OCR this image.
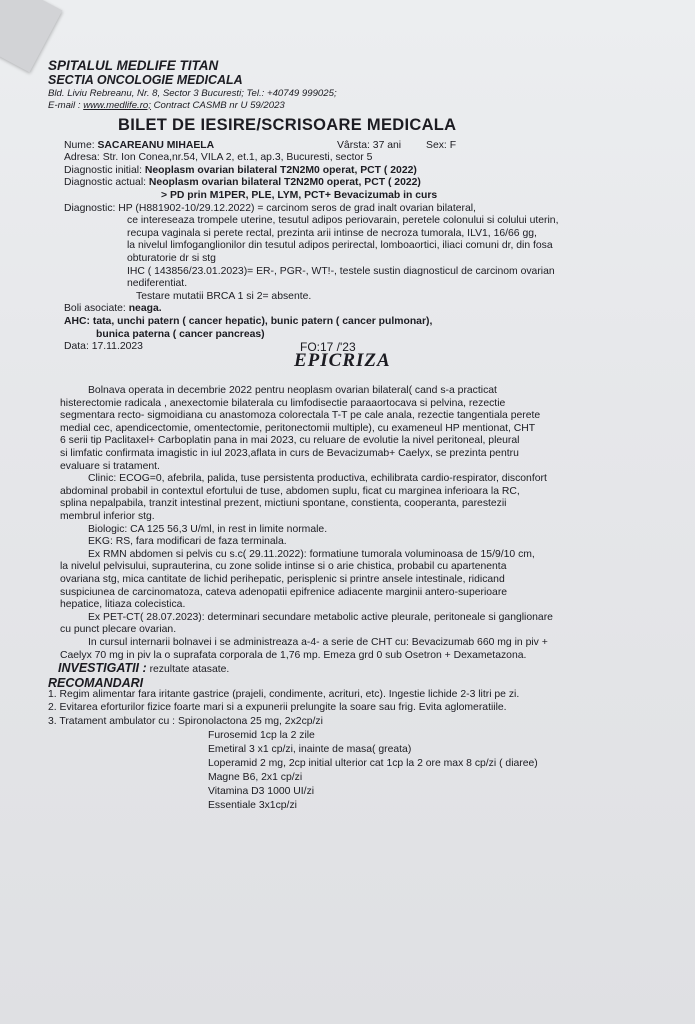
SPITALUL MEDLIFE TITAN
SECTIA ONCOLOGIE MEDICALA
Bld. Liviu Rebreanu, Nr. 8, Sector 3 Bucuresti; Tel.: +40749 999025;
E-mail : www.medlife.ro; Contract CASMB nr U 59/2023
BILET DE IESIRE/SCRISOARE MEDICALA
Nume: SACAREANU MIHAELA	Vârsta: 37 ani Sex: F
Adresa: Str. Ion Conea,nr.54, VILA 2, et.1, ap.3, Bucuresti, sector 5
Diagnostic initial: Neoplasm ovarian bilateral T2N2M0 operat, PCT ( 2022)
Diagnostic actual: Neoplasm ovarian bilateral T2N2M0 operat, PCT ( 2022)
> PD prin M1PER, PLE, LYM, PCT+ Bevacizumab in curs
Diagnostic: HP (H881902-10/29.12.2022) = carcinom seros de grad inalt ovarian bilateral,
ce intereseaza trompele uterine, tesutul adipos periovarain, peretele colonului si colului uterin,
recupa vaginala si perete rectal, prezinta arii intinse de necroza tumorala, ILV1, 16/66 gg,
la nivelul limfoganglionilor din tesutul adipos perirectal, lomboaortici, iliaci comuni dr, din fosa
obturatorie dr si stg
IHC ( 143856/23.01.2023)= ER-, PGR-, WT!-, testele sustin diagnosticul de carcinom ovarian
nediferentiat.
Testare mutatii BRCA 1 si 2= absente.
Boli asociate: neaga.
AHC: tata, unchi patern ( cancer hepatic), bunic patern ( cancer pulmonar),
bunica paterna ( cancer pancreas)
Data: 17.11.2023	FO:17 /'23
EPICRIZA
Bolnava operata in decembrie 2022 pentru neoplasm ovarian bilateral( cand s-a practicat
histerectomie radicala , anexectomie bilaterala cu limfodisectie paraaortocava si pelvina, rezectie
segmentara recto- sigmoidiana cu anastomoza colorectala T-T pe cale anala, rezectie tangentiala perete
medial cec, apendicectomie, omentectomie, peritonectomii multiple), cu exameneul HP mentionat, CHT
6 serii tip Paclitaxel+ Carboplatin pana in mai 2023, cu reluare de evolutie la nivel peritoneal, pleural
si limfatic confirmata imagistic in iul 2023,aflata in curs de Bevacizumab+ Caelyx, se prezinta pentru
evaluare si tratament.
Clinic: ECOG=0, afebrila, palida, tuse persistenta productiva, echilibrata cardio-respirator, disconfort
abdominal probabil in contextul efortului de tuse, abdomen suplu, ficat cu marginea inferioara la RC,
splina nepalpabila, tranzit intestinal prezent, mictiuni spontane, constienta, cooperanta, parestezii
membrul inferior stg.
Biologic: CA 125 56,3 U/ml, in rest in limite normale.
EKG: RS, fara modificari de faza terminala.
Ex RMN abdomen si pelvis cu s.c( 29.11.2022): formatiune tumorala voluminoasa de 15/9/10 cm,
la nivelul pelvisului, suprauterina, cu zone solide intinse si o arie chistica, probabil cu apartenenta
ovariana stg, mica cantitate de lichid perihepatic, perisplenic si printre ansele intestinale, ridicand
suspiciunea de carcinomatoza, cateva adenopatii epifrenice adiacente marginii antero-superioare
hepatice, litiaza colecistica.
Ex PET-CT( 28.07.2023): determinari secundare metabolic active pleurale, peritoneale si ganglionare
cu punct plecare ovarian.
In cursul internarii bolnavei i se administreaza a-4- a serie de CHT cu: Bevacizumab 660 mg in piv +
Caelyx 70 mg in piv la o suprafata corporala de 1,76 mp. Emeza grd 0 sub Osetron + Dexametazona.
INVESTIGATII : rezultate atasate.
RECOMANDARI
1. Regim alimentar fara iritante gastrice (prajeli, condimente, acrituri, etc). Ingestie lichide 2-3 litri pe zi.
2. Evitarea eforturilor fizice foarte mari si a expunerii prelungite la soare sau frig. Evita aglomeratiile.
3. Tratament ambulator cu : Spironolactona 25 mg, 2x2cp/zi
Furosemid 1cp la 2 zile
Emetiral 3 x1 cp/zi, inainte de masa( greata)
Loperamid 2 mg, 2cp initial ulterior cat 1cp la 2 ore max 8 cp/zi ( diaree)
Magne B6, 2x1 cp/zi
Vitamina D3 1000 UI/zi
Essentiale 3x1cp/zi
